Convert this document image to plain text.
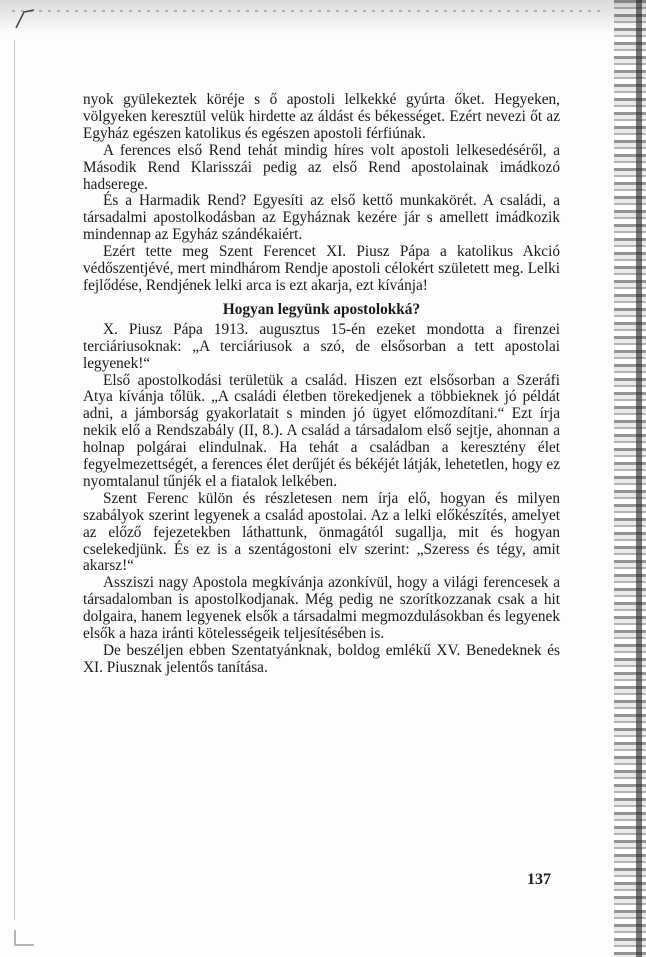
nyok gyülekeztek köréje s ő apostoli lelkekké gyúrta őket. Hegyeken, völgyeken keresztül velük hirdette az áldást és békességet. Ezért nevezi őt az Egyház egészen katolikus és egészen apostoli férfiúnak.

A ferences első Rend tehát mindig híres volt apostoli lelkesedéséről, a Második Rend Klarisszái pedig az első Rend apostolainak imádkozó hadserege.

És a Harmadik Rend? Egyesíti az első kettő munkakörét. A családi, a társadalmi apostolkodásban az Egyháznak kezére jár s amellett imádkozik mindennap az Egyház szándékaiért.

Ezért tette meg Szent Ferencet XI. Piusz Pápa a katolikus Akció védőszentjévé, mert mindhárom Rendje apostoli célokért született meg. Lelki fejlődése, Rendjének lelki arca is ezt akarja, ezt kívánja!

Hogyan legyünk apostolokká?

X. Piusz Pápa 1913. augusztus 15-én ezeket mondotta a firenzei terciáriusoknak: „A terciáriusok a szó, de elsősorban a tett apostolai legyenek!“

Első apostolkodási területük a család. Hiszen ezt elsősorban a Szeráfi Atya kívánja tőlük. „A családi életben törekedjenek a többieknek jó példát adni, a jámborság gyakorlatait s minden jó ügyet előmozdítani.“ Ezt írja nekik elő a Rendszabály (II, 8.). A család a társadalom első sejtje, ahonnan a holnap polgárai elindulnak. Ha tehát a családban a keresztény élet fegyelmezettségét, a ferences élet derűjét és békéjét látják, lehetetlen, hogy ez nyomtalanul tűnjék el a fiatalok lelkében.

Szent Ferenc külön és részletesen nem írja elő, hogyan és milyen szabályok szerint legyenek a család apostolai. Az a lelki előkészítés, amelyet az előző fejezetekben láthattunk, önmagától sugallja, mit és hogyan cselekedjünk. És ez is a szentágostoni elv szerint: „Szeress és tégy, amit akarsz!“

Assziszi nagy Apostola megkívánja azonkívül, hogy a világi ferencesek a társadalomban is apostolkodjanak. Még pedig ne szorítkozzanak csak a hit dolgaira, hanem legyenek elsők a társadalmi megmozdulásokban és legyenek elsők a haza iránti kötelességeik teljesítésében is.

De beszéljen ebben Szentatyánknak, boldog emlékű XV. Benedeknek és XI. Piusznak jelentős tanítása.

137
